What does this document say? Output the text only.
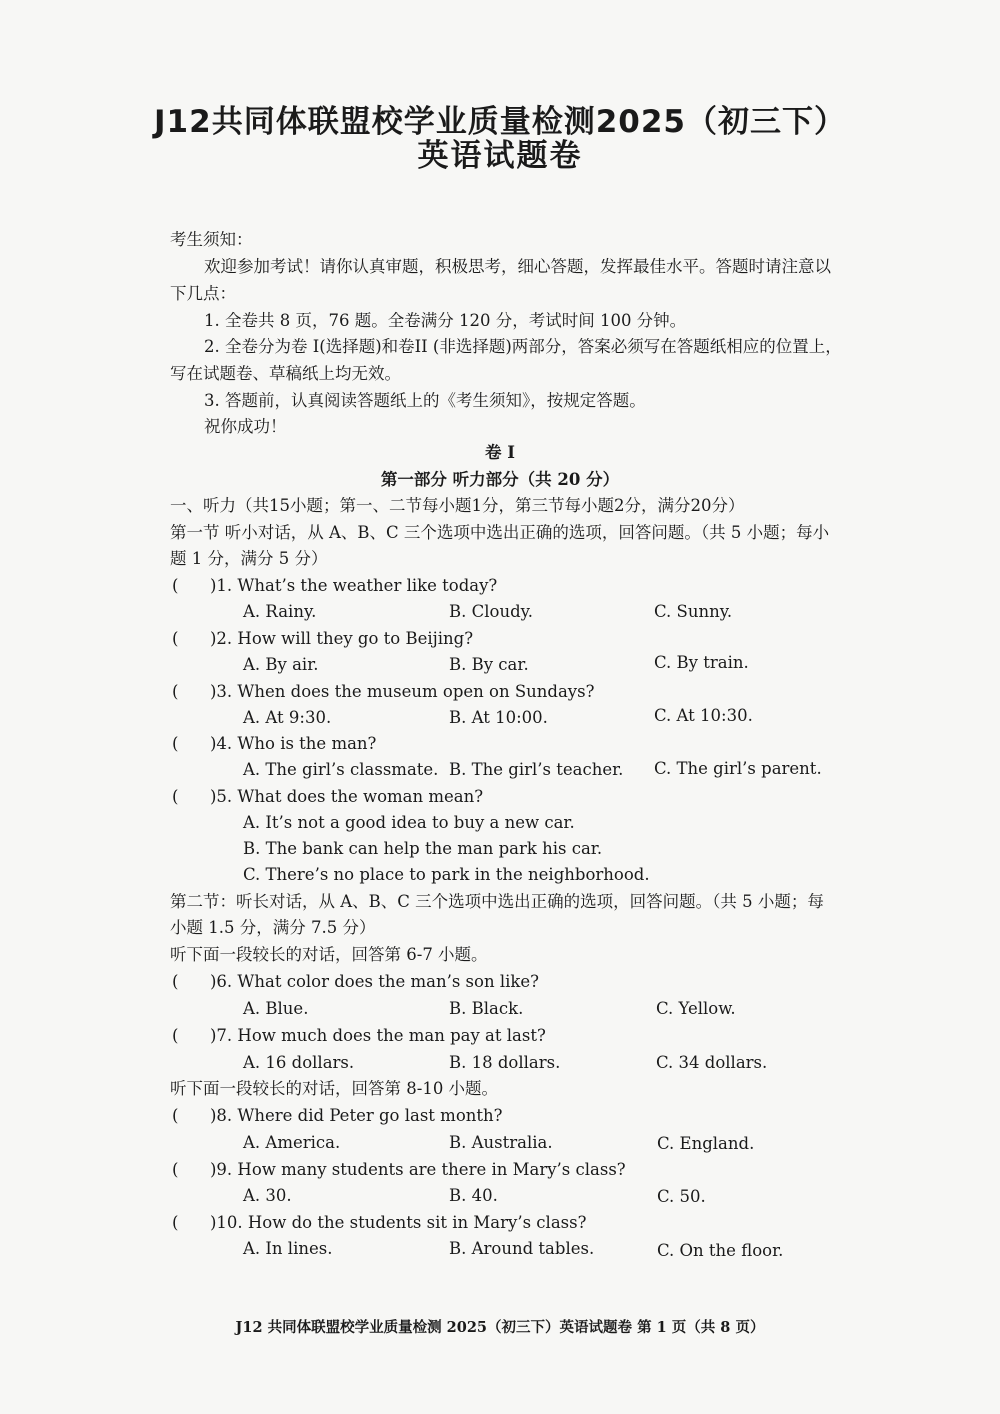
J12共同体联盟校学业质量检测2025（初三下）
英语试题卷
考生须知：
欢迎参加考试！请你认真审题，积极思考，细心答题，发挥最佳水平。答题时请注意以
下几点：
1. 全卷共 8 页，76 题。全卷满分 120 分，考试时间 100 分钟。
2. 全卷分为卷 I(选择题)和卷II (非选择题)两部分，答案必须写在答题纸相应的位置上，
写在试题卷、草稿纸上均无效。
3. 答题前，认真阅读答题纸上的《考生须知》，按规定答题。
祝你成功！
卷 I
第一部分 听力部分（共 20 分）
一、听力（共15小题；第一、二节每小题1分，第三节每小题2分，满分20分）
第一节 听小对话，从 A、B、C 三个选项中选出正确的选项，回答问题。（共 5 小题；每小
题 1 分，满分 5 分）
( )1. What’s the weather like today?
A. Rainy.	B. Cloudy.	C. Sunny.
( )2. How will they go to Beijing?
A. By air.	B. By car.	C. By train.
( )3. When does the museum open on Sundays?
A. At 9:30.	B. At 10:00.	C. At 10:30.
( )4. Who is the man?
A. The girl’s classmate. B. The girl’s teacher. C. The girl’s parent.
( )5. What does the woman mean?
A. It’s not a good idea to buy a new car.
B. The bank can help the man park his car.
C. There’s no place to park in the neighborhood.
第二节：听长对话，从 A、B、C 三个选项中选出正确的选项，回答问题。（共 5 小题；每
小题 1.5 分，满分 7.5 分）
听下面一段较长的对话，回答第 6-7 小题。
( )6. What color does the man’s son like?
A. Blue.	B. Black.	C. Yellow.
( )7. How much does the man pay at last?
A. 16 dollars.	B. 18 dollars.	C. 34 dollars.
听下面一段较长的对话，回答第 8-10 小题。
( )8. Where did Peter go last month?
A. America.	B. Australia.	C. England.
( )9. How many students are there in Mary’s class?
A. 30.	B. 40.	C. 50.
( )10. How do the students sit in Mary’s class?
A. In lines.	B. Around tables.	C. On the floor.
J12 共同体联盟校学业质量检测 2025（初三下）英语试题卷 第 1 页（共 8 页）
